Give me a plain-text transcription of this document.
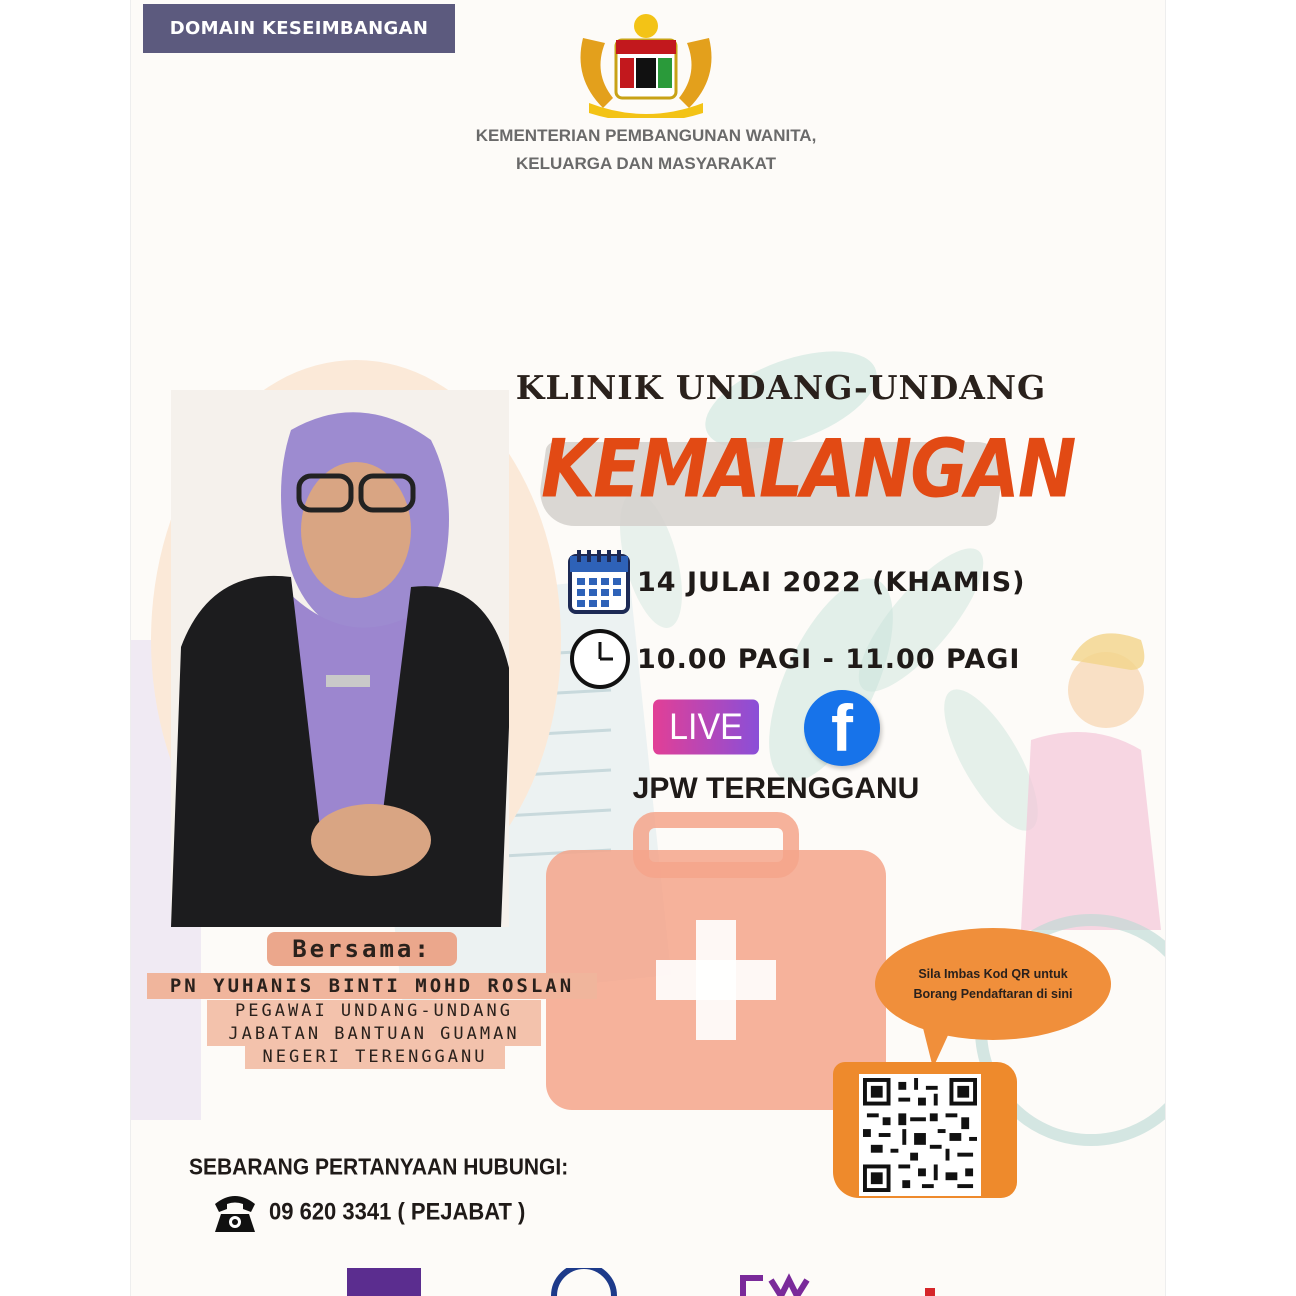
DOMAIN KESEIMBANGAN
KEMENTERIAN PEMBANGUNAN WANITA,
KELUARGA DAN MASYARAKAT
KLINIK UNDANG-UNDANG
KEMALANGAN
14 JULAI 2022 (KHAMIS)
10.00 PAGI - 11.00 PAGI
LIVE	f
JPW TERENGGANU
Bersama:
PN YUHANIS BINTI MOHD ROSLAN
PEGAWAI UNDANG-UNDANG
JABATAN BANTUAN GUAMAN
NEGERI TERENGGANU
Sila Imbas Kod QR untuk Borang Pendaftaran di sini
SEBARANG PERTANYAAN HUBUNGI:
09 620 3341 ( PEJABAT )
